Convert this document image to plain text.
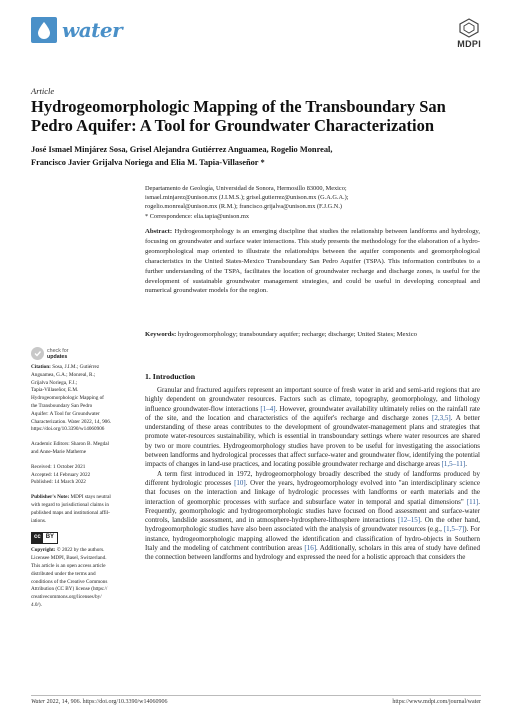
water
MDPI
Article
Hydrogeomorphologic Mapping of the Transboundary San Pedro Aquifer: A Tool for Groundwater Characterization
José Ismael Minjárez Sosa, Grisel Alejandra Gutiérrez Anguamea, Rogelio Monreal,
Francisco Javier Grijalva Noriega and Elia M. Tapia-Villaseñor *
Departamento de Geología, Universidad de Sonora, Hermosillo 83000, Mexico;
ismael.minjarez@unison.mx (J.I.M.S.); grisel.gutierrez@unison.mx (G.A.G.A.);
rogelio.monreal@unison.mx (R.M.); francisco.grijalva@unison.mx (F.J.G.N.)
* Correspondence: elia.tapia@unison.mx
Abstract: Hydrogeomorphology is an emerging discipline that studies the relationship between landforms and hydrology, focusing on groundwater and surface water interactions. This study presents the methodology for the elaboration of a hydro-geomorphological map oriented to illustrate the relationships between the aquifer components and geomorphological characteristics in the United States-Mexico Transboundary San Pedro Aquifer (TSPA). This information contributes to a further understanding of the TSPA, facilitates the location of groundwater recharge and discharge zones, is useful for the development of sustainable groundwater management strategies, and could be useful in developing conceptual and numerical groundwater models for the region.
Keywords: hydrogeomorphology; transboundary aquifer; recharge; discharge; United States; Mexico
check for
updates
Citation: Sosa, J.I.M.; Gutiérrez
Anguamea, G.A.; Monreal, R.;
Grijalva Noriega, F.J.;
Tapia-Villaseñor, E.M.
Hydrogeomorphologic Mapping of
the Transboundary San Pedro
Aquifer: A Tool for Groundwater
Characterization. Water 2022, 14, 906.
https://doi.org/10.3390/w14060906
Academic Editors: Sharon B. Megdal
and Anne-Marie Matherne
Received: 1 October 2021
Accepted: 14 February 2022
Published: 14 March 2022
Publisher's Note: MDPI stays neutral
with regard to jurisdictional claims in
published maps and institutional affil-
iations.
cc BY
Copyright: © 2022 by the authors.
Licensee MDPI, Basel, Switzerland.
This article is an open access article
distributed under the terms and
conditions of the Creative Commons
Attribution (CC BY) license (https://
creativecommons.org/licenses/by/
4.0/).
1. Introduction

Granular and fractured aquifers represent an important source of fresh water in arid and semi-arid regions that are highly dependent on groundwater resources. Factors such as climate, topography, geomorphology, and lithology influence groundwater-flow interactions [1–4]. However, groundwater availability ultimately relies on the rainfall rate of the site, and the location and characteristics of the aquifer's recharge and discharge zones [2,3,5]. A better understanding of these areas contributes to the development of groundwater-management plans and strategies that promote water-resources sustainability, which is essential in transboundary settings where water resources are shared by two or more countries. Hydrogeomorphology studies have proven to be useful for investigating the associations between landforms and hydrological processes that affect surface-water and groundwater flow, identifying the potential impacts of changes in land-use practices, and locating possible groundwater recharge and discharge areas [1,5–11].

A term first introduced in 1972, hydrogeomorphology broadly described the study of landforms produced by different hydrologic processes [10]. Over the years, hydrogeomorphology evolved into "an interdisciplinary science that focuses on the interaction and linkage of hydrologic processes with landforms or earth materials and the interaction of geomorphic processes with surface and subsurface water in temporal and spatial dimensions" [11]. Frequently, geomorphologic and hydrogeomorphologic studies have focused on flood assessment and surface-water controls, landslide assessment, and in atmosphere-hydrosphere-lithosphere interactions [12–15]. On the other hand, hydrogeomorphologic studies have also been associated with the analysis of groundwater resources (e.g., [1,5–7]). For instance, hydrogeomorphologic mapping allowed the identification and classification of hydro-objects in Southern Italy and the modeling of catchment contribution areas [16]. Additionally, scholars in this area of study have defined the connection between landforms and hydrology and expressed the need for a holistic approach that considers the

Water 2022, 14, 906. https://doi.org/10.3390/w14060906	https://www.mdpi.com/journal/water
